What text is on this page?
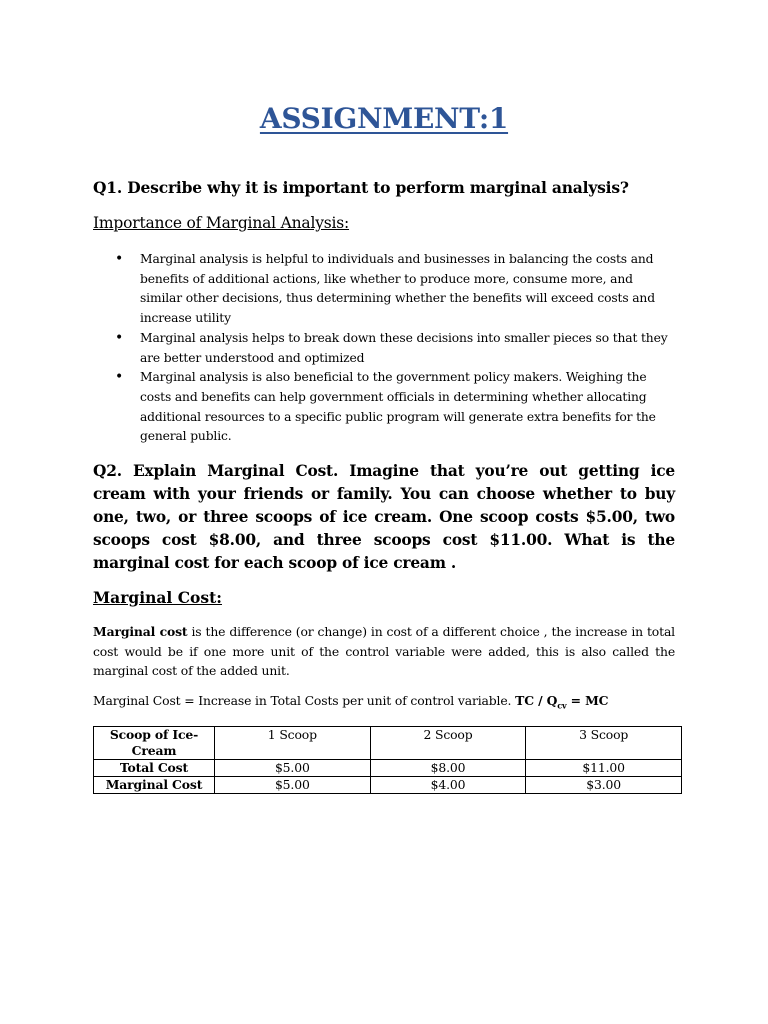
ASSIGNMENT:1

Q1. Describe why it is important to perform marginal analysis?

Importance of Marginal Analysis:

• Marginal analysis is helpful to individuals and businesses in balancing the costs and benefits of additional actions, like whether to produce more, consume more, and similar other decisions, thus determining whether the benefits will exceed costs and increase utility
• Marginal analysis helps to break down these decisions into smaller pieces so that they are better understood and optimized
• Marginal analysis is also beneficial to the government policy makers. Weighing the costs and benefits can help government officials in determining whether allocating additional resources to a specific public program will generate extra benefits for the general public.

Q2. Explain Marginal Cost. Imagine that you’re out getting ice cream with your friends or family. You can choose whether to buy one, two, or three scoops of ice cream. One scoop costs $5.00, two scoops cost $8.00, and three scoops cost $11.00. What is the marginal cost for each scoop of ice cream .

Marginal Cost:

Marginal cost is the difference (or change) in cost of a different choice , the increase in total cost would be if one more unit of the control variable were added, this is also called the marginal cost of the added unit.

Marginal Cost = Increase in Total Costs per unit of control variable. TC / $Q_{cv}$ = MC

Scoop of Ice-Cream	1 Scoop	2 Scoop	3 Scoop
Total Cost	$5.00	$8.00	$11.00
Marginal Cost	$5.00	$4.00	$3.00
